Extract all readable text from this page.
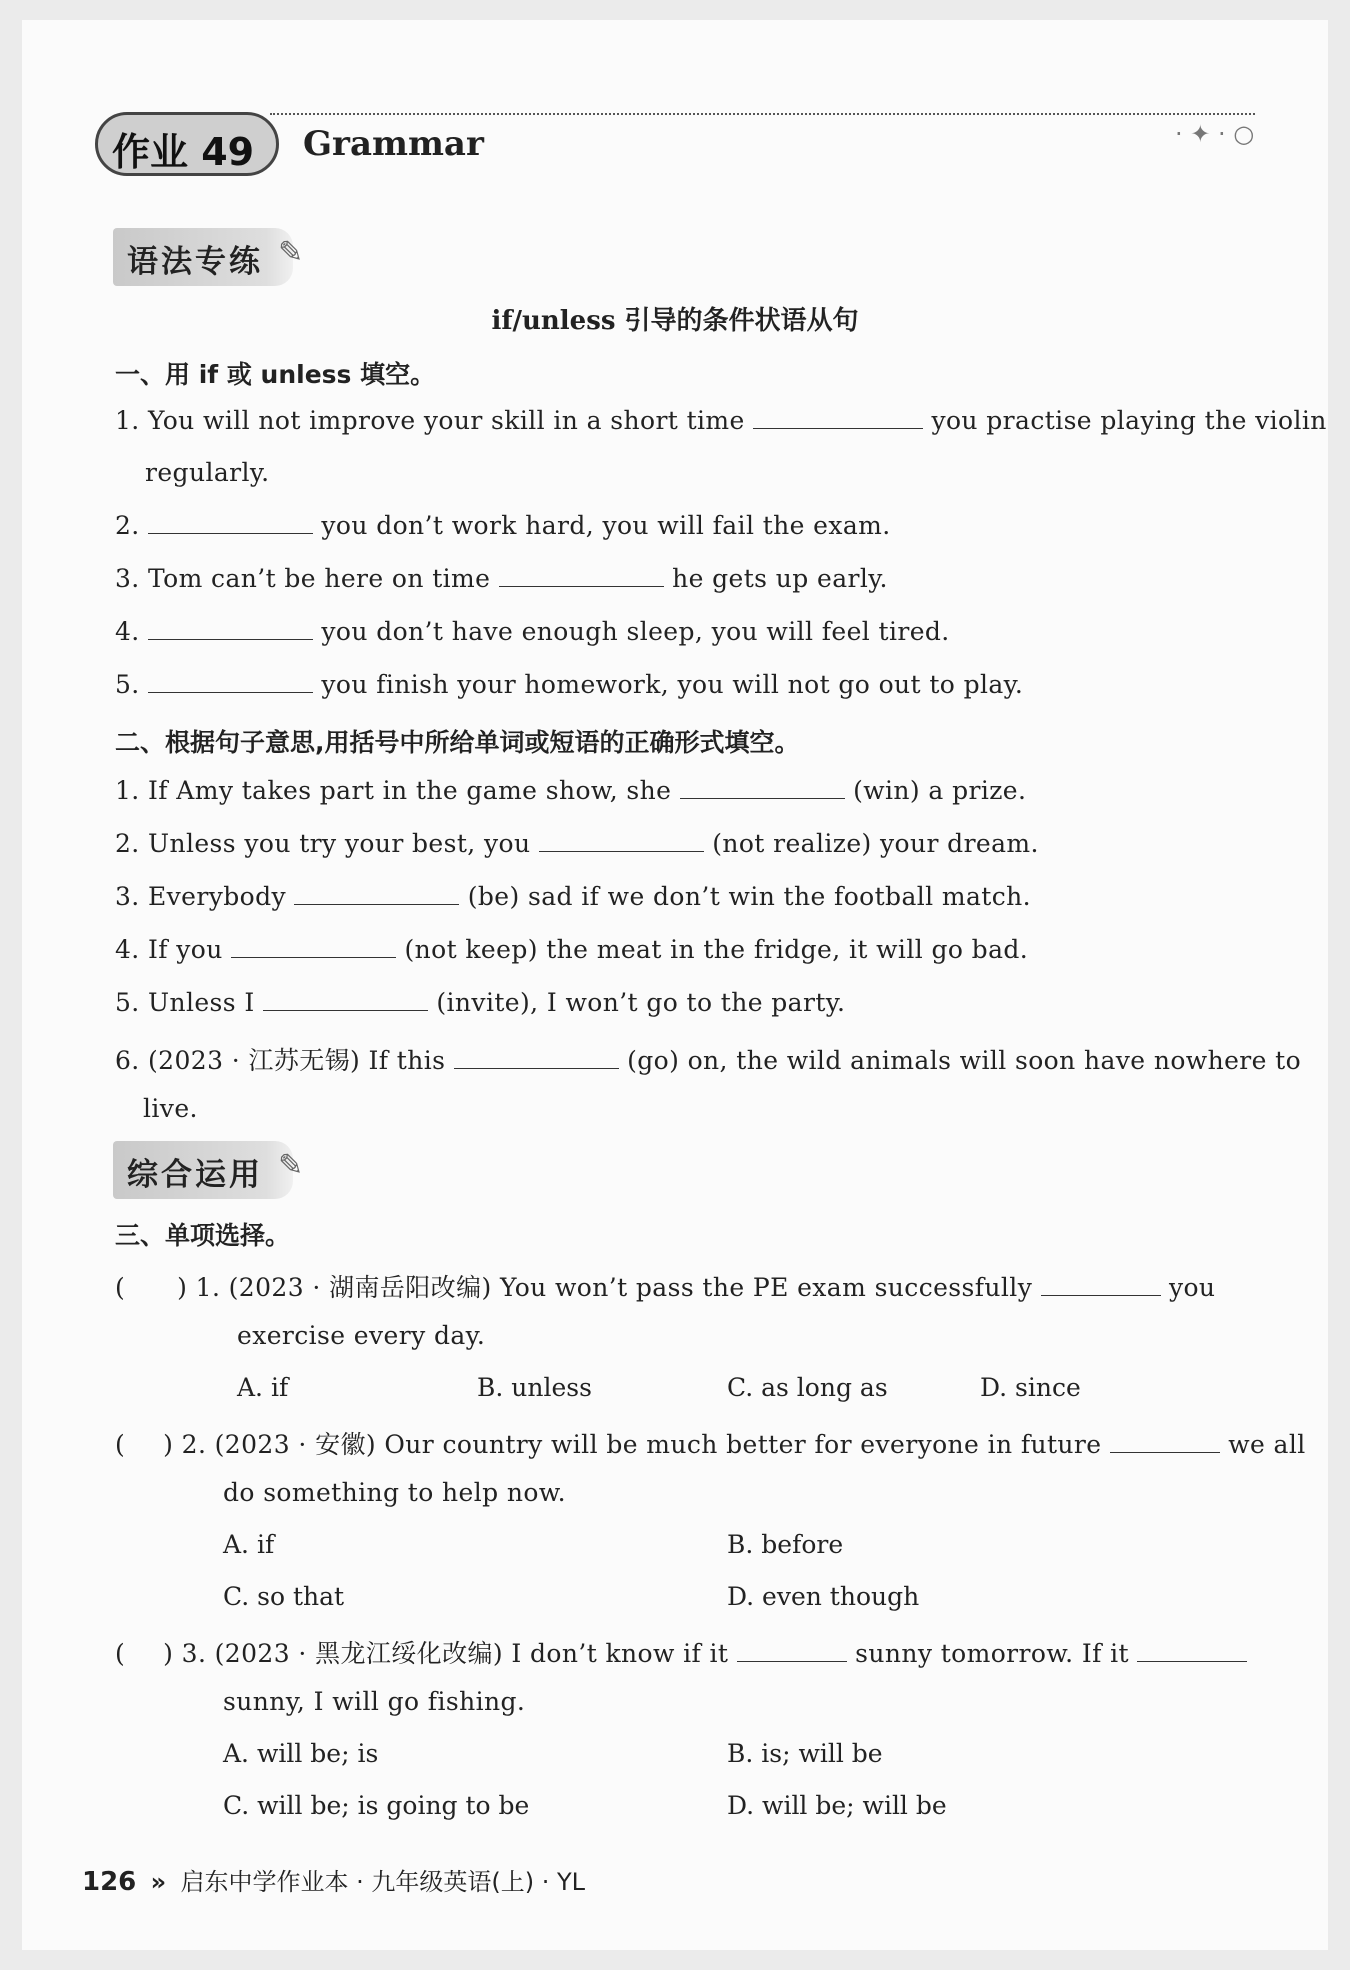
作业 49 Grammar	· ✦ · ○
语法专练 ✎
if/unless 引导的条件状语从句
一、用 if 或 unless 填空。
1. You will not improve your skill in a short time	you practise playing the violin
regularly.
2.	you don’t work hard, you will fail the exam.
3. Tom can’t be here on time	he gets up early.
4.	you don’t have enough sleep, you will feel tired.
5.	you finish your homework, you will not go out to play.
二、根据句子意思,用括号中所给单词或短语的正确形式填空。
1. If Amy takes part in the game show, she	(win) a prize.
2. Unless you try your best, you	(not realize) your dream.
3. Everybody	(be) sad if we don’t win the football match.
4. If you	(not keep) the meat in the fridge, it will go bad.
5. Unless I	(invite), I won’t go to the party.
6. (2023 · 江苏无锡) If this	(go) on, the wild animals will soon have nowhere to
live.
综合运用 ✎
三、单项选择。
( ) 1. (2023 · 湖南岳阳改编) You won’t pass the PE exam successfully	you
exercise every day.
A. if	B. unless	C. as long as	D. since
( ) 2. (2023 · 安徽) Our country will be much better for everyone in future	we all
do something to help now.
A. if	B. before
C. so that	D. even though
( ) 3. (2023 · 黑龙江绥化改编) I don’t know if it	sunny tomorrow. If it
sunny, I will go fishing.
A. will be; is	B. is; will be
C. will be; is going to be	D. will be; will be
126 » 启东中学作业本 · 九年级英语(上) · YL
